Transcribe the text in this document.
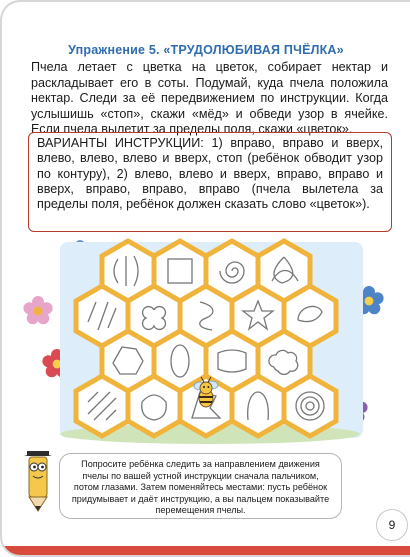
Упражнение 5. «ТРУДОЛЮБИВАЯ ПЧЁЛКА»
Пчела летает с цветка на цветок, собирает нектар и раскладывает его в соты. Подумай, куда пчела положила нектар. Следи за её передвижением по инструкции. Когда услышишь «стоп», скажи «мёд» и обведи узор в ячейке. Если пчела вылетит за пределы поля, скажи «цветок».
ВАРИАНТЫ ИНСТРУКЦИИ: 1) вправо, вправо и вверх, влево, влево, влево и вверх, стоп (ребёнок обводит узор по контуру), 2) влево, влево и вверх, вправо, вправо и вверх, вправо, вправо, вправо (пчела вылетела за пределы поля, ребёнок должен сказать слово «цветок»).
Попросите ребёнка следить за направлением движения пчелы по вашей устной инструкции сначала пальчиком, потом глазами. Затем поменяйтесь местами: пусть ребёнок придумывает и даёт инструкцию, а вы пальцем показывайте перемещения пчелы.
9
